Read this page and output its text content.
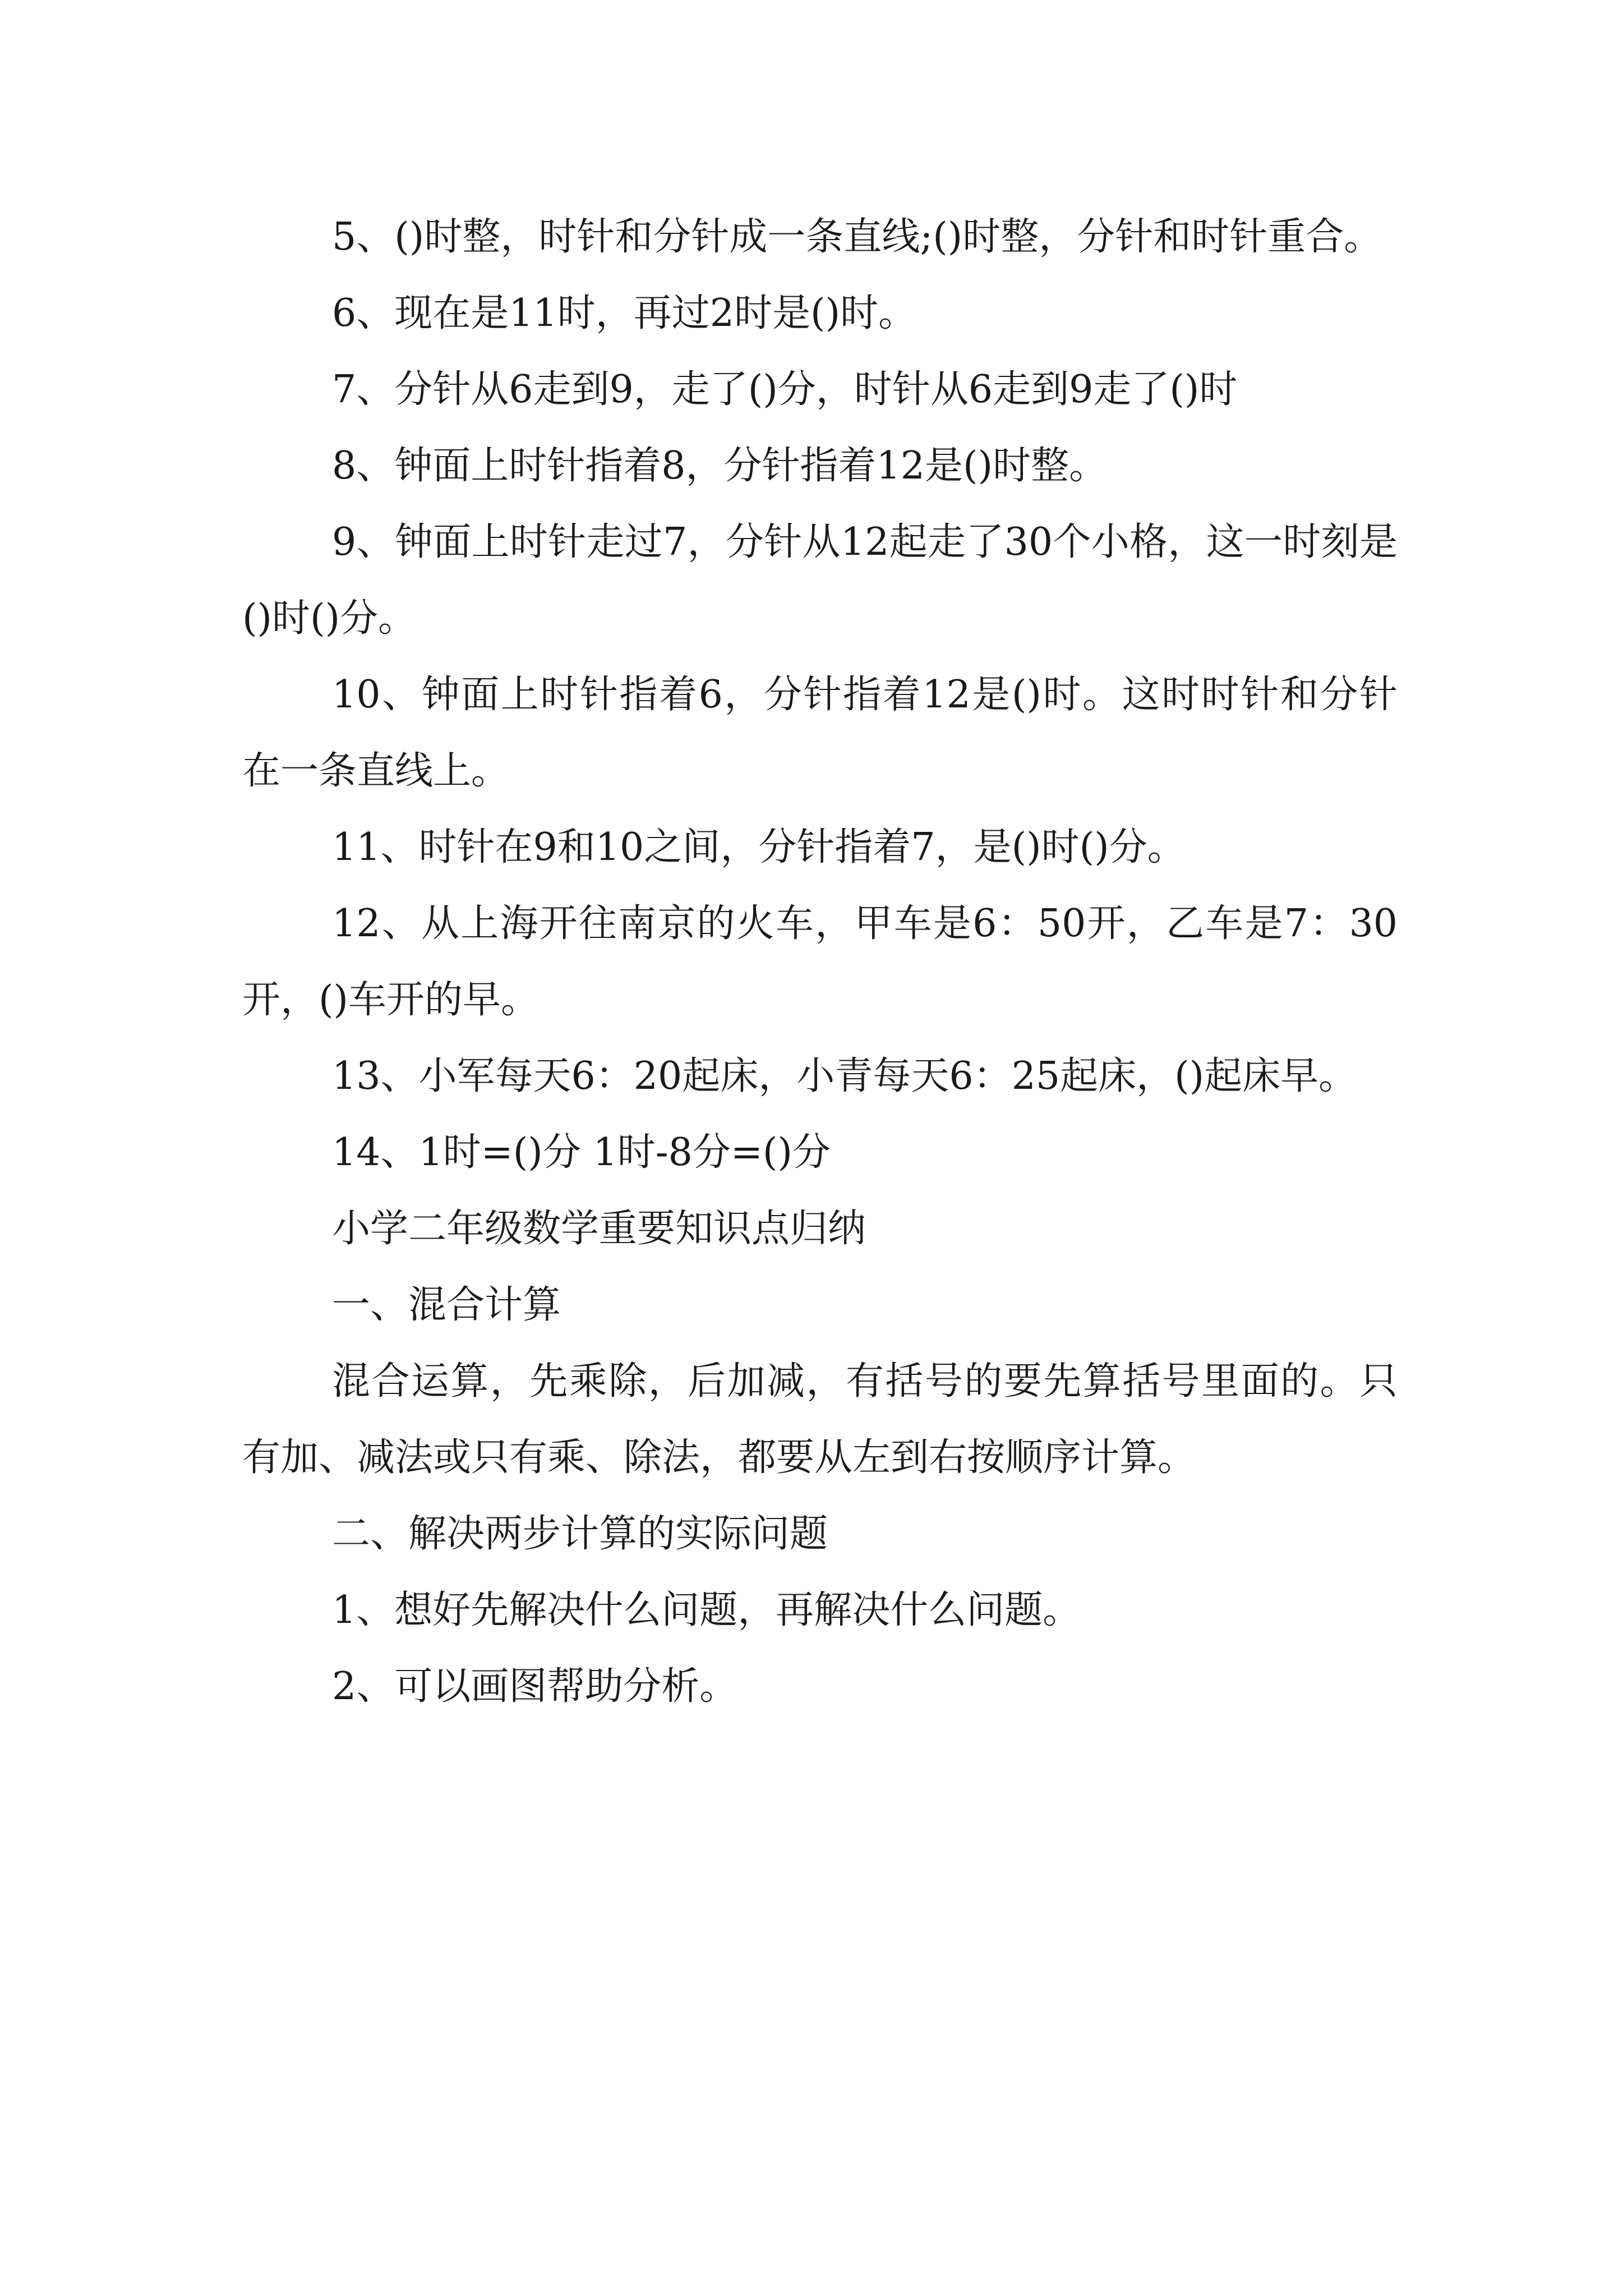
5、()时整，时针和分针成一条直线;()时整，分针和时针重合。

6、现在是11时，再过2时是()时。

7、分针从6走到9，走了()分，时针从6走到9走了()时

8、钟面上时针指着8，分针指着12是()时整。

9、钟面上时针走过7，分针从12起走了30个小格，这一时刻是()时()分。

10、钟面上时针指着6，分针指着12是()时。这时时针和分针在一条直线上。

11、时针在9和10之间，分针指着7，是()时()分。

12、从上海开往南京的火车，甲车是6：50开，乙车是7：30开，()车开的早。

13、小军每天6：20起床，小青每天6：25起床，()起床早。

14、1时=()分 1时-8分=()分

小学二年级数学重要知识点归纳

一、混合计算

混合运算，先乘除，后加减，有括号的要先算括号里面的。只有加、减法或只有乘、除法，都要从左到右按顺序计算。

二、解决两步计算的实际问题

1、想好先解决什么问题，再解决什么问题。

2、可以画图帮助分析。
